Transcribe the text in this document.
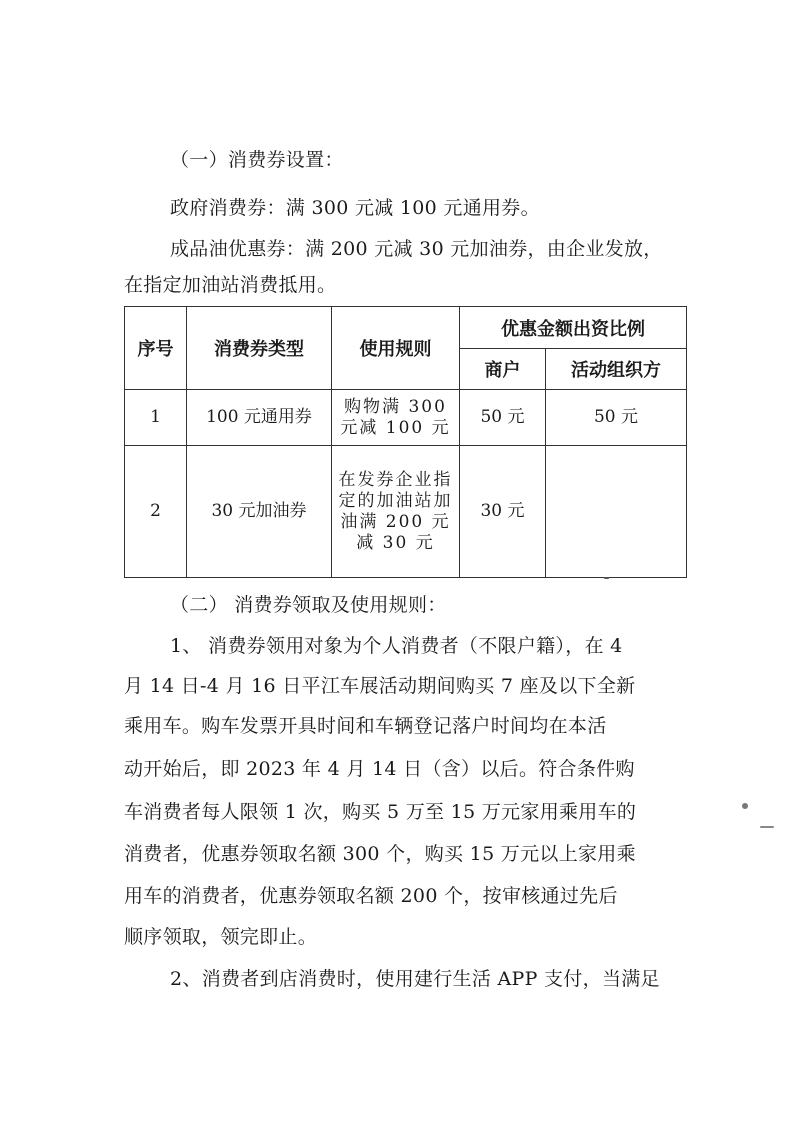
（一）消费券设置：
政府消费券：满 300 元减 100 元通用券。
成品油优惠券：满 200 元减 30 元加油券，由企业发放，
在指定加油站消费抵用。
序号	消费券类型	使用规则	优惠金额出资比例	
			商户	活动组织方
1	100 元通用券	购物满 300 元减 100 元	50 元	50 元
2	30 元加油券	在发券企业指定的加油站加油满 200 元减 30 元	30 元	
（二） 消费券领取及使用规则：
1、 消费券领用对象为个人消费者（不限户籍），在 4
月 14 日-4 月 16 日平江车展活动期间购买 7 座及以下全新
乘用车。购车发票开具时间和车辆登记落户时间均在本活
动开始后，即 2023 年 4 月 14 日（含）以后。符合条件购
车消费者每人限领 1 次，购买 5 万至 15 万元家用乘用车的
消费者，优惠券领取名额 300 个，购买 15 万元以上家用乘
用车的消费者，优惠券领取名额 200 个，按审核通过先后
顺序领取，领完即止。
2、消费者到店消费时，使用建行生活 APP 支付，当满足
